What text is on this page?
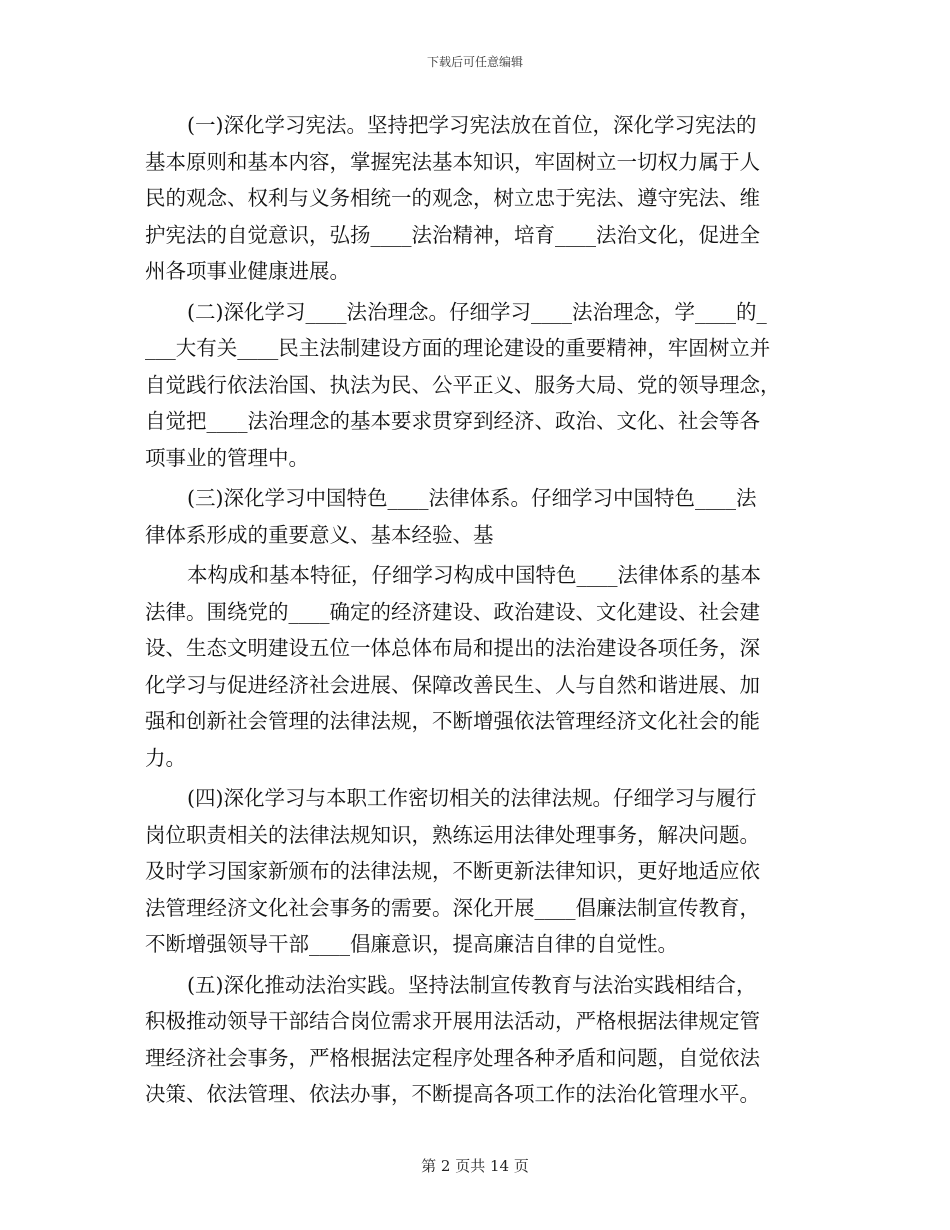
下载后可任意编辑
(一)深化学习宪法。坚持把学习宪法放在首位，深化学习宪法的
基本原则和基本内容，掌握宪法基本知识，牢固树立一切权力属于人
民的观念、权利与义务相统一的观念，树立忠于宪法、遵守宪法、维
护宪法的自觉意识，弘扬____法治精神，培育____法治文化，促进全
州各项事业健康进展。
(二)深化学习____法治理念。仔细学习____法治理念，学____的_
___大有关____民主法制建设方面的理论建设的重要精神，牢固树立并
自觉践行依法治国、执法为民、公平正义、服务大局、党的领导理念，
自觉把____法治理念的基本要求贯穿到经济、政治、文化、社会等各
项事业的管理中。
(三)深化学习中国特色____法律体系。仔细学习中国特色____法
律体系形成的重要意义、基本经验、基
本构成和基本特征，仔细学习构成中国特色____法律体系的基本
法律。围绕党的____确定的经济建设、政治建设、文化建设、社会建
设、生态文明建设五位一体总体布局和提出的法治建设各项任务，深
化学习与促进经济社会进展、保障改善民生、人与自然和谐进展、加
强和创新社会管理的法律法规，不断增强依法管理经济文化社会的能
力。
(四)深化学习与本职工作密切相关的法律法规。仔细学习与履行
岗位职责相关的法律法规知识，熟练运用法律处理事务，解决问题。
及时学习国家新颁布的法律法规，不断更新法律知识，更好地适应依
法管理经济文化社会事务的需要。深化开展____倡廉法制宣传教育，
不断增强领导干部____倡廉意识，提高廉洁自律的自觉性。
(五)深化推动法治实践。坚持法制宣传教育与法治实践相结合，
积极推动领导干部结合岗位需求开展用法活动，严格根据法律规定管
理经济社会事务，严格根据法定程序处理各种矛盾和问题，自觉依法
决策、依法管理、依法办事，不断提高各项工作的法治化管理水平。
第 2 页共 14 页
